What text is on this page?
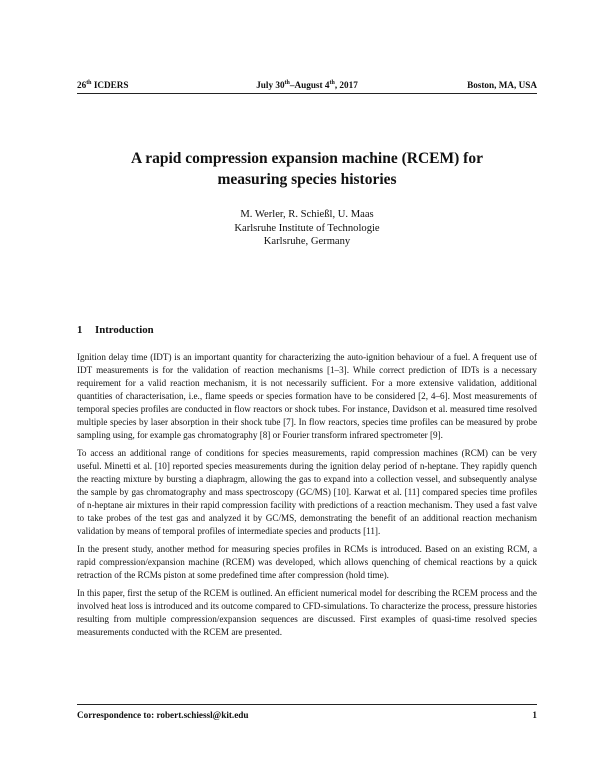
26th ICDERS	July 30th–August 4th, 2017	Boston, MA, USA
A rapid compression expansion machine (RCEM) for
measuring species histories
M. Werler, R. Schießl, U. Maas
Karlsruhe Institute of Technologie
Karlsruhe, Germany
1 Introduction

Ignition delay time (IDT) is an important quantity for characterizing the auto-ignition behaviour of a fuel. A frequent use of IDT measurements is for the validation of reaction mechanisms [1–3]. While correct prediction of IDTs is a necessary requirement for a valid reaction mechanism, it is not necessarily sufficient. For a more extensive validation, additional quantities of characterisation, i.e., flame speeds or species formation have to be considered [2, 4–6]. Most measurements of temporal species profiles are conducted in flow reactors or shock tubes. For instance, Davidson et al. measured time resolved multiple species by laser absorption in their shock tube [7]. In flow reactors, species time profiles can be measured by probe sampling using, for example gas chromatography [8] or Fourier transform infrared spectrometer [9].

To access an additional range of conditions for species measurements, rapid compression machines (RCM) can be very useful. Minetti et al. [10] reported species measurements during the ignition delay period of n-heptane. They rapidly quench the reacting mixture by bursting a diaphragm, allowing the gas to expand into a collection vessel, and subsequently analyse the sample by gas chromatography and mass spectroscopy (GC/MS) [10]. Karwat et al. [11] compared species time profiles of n-heptane air mixtures in their rapid compression facility with predictions of a reaction mechanism. They used a fast valve to take probes of the test gas and analyzed it by GC/MS, demonstrating the benefit of an additional reaction mechanism validation by means of temporal profiles of intermediate species and products [11].

In the present study, another method for measuring species profiles in RCMs is introduced. Based on an existing RCM, a rapid compression/expansion machine (RCEM) was developed, which allows quenching of chemical reactions by a quick retraction of the RCMs piston at some predefined time after compression (hold time).

In this paper, first the setup of the RCEM is outlined. An efficient numerical model for describing the RCEM process and the involved heat loss is introduced and its outcome compared to CFD-simulations. To characterize the process, pressure histories resulting from multiple compression/expansion sequences are discussed. First examples of quasi-time resolved species measurements conducted with the RCEM are presented.

Correspondence to: robert.schiessl@kit.edu	1
